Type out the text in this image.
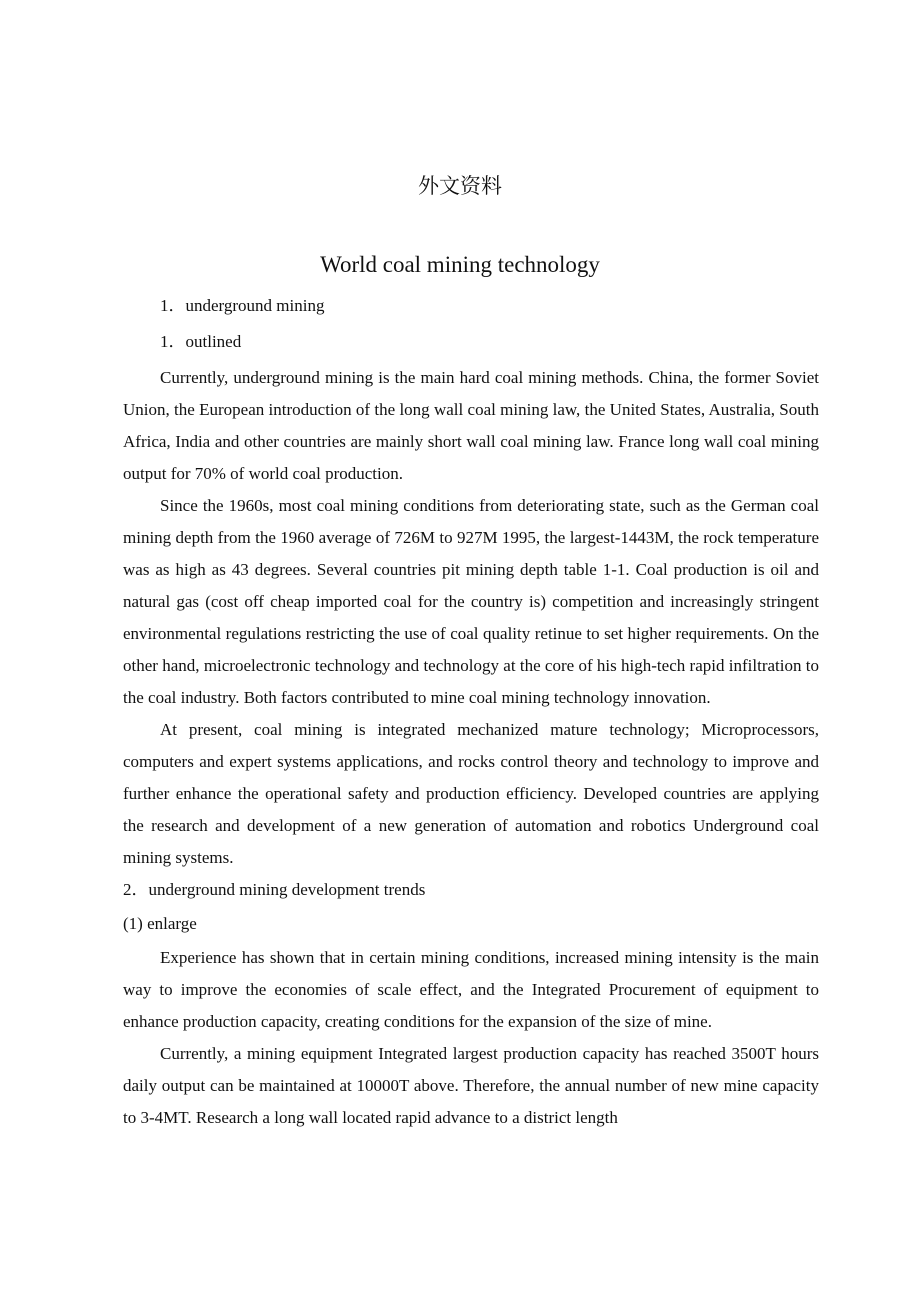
外文资料
World coal mining technology
1．underground mining
1．outlined

Currently, underground mining is the main hard coal mining methods. China, the former Soviet Union, the European introduction of the long wall coal mining law, the United States, Australia, South Africa, India and other countries are mainly short wall coal mining law. France long wall coal mining output for 70% of world coal production.

Since the 1960s, most coal mining conditions from deteriorating state, such as the German coal mining depth from the 1960 average of 726M to 927M 1995, the largest-1443M, the rock temperature was as high as 43 degrees. Several countries pit mining depth table 1-1. Coal production is oil and natural gas (cost off cheap imported coal for the country is) competition and increasingly stringent environmental regulations restricting the use of coal quality retinue to set higher requirements. On the other hand, microelectronic technology and technology at the core of his high-tech rapid infiltration to the coal industry. Both factors contributed to mine coal mining technology innovation.

At present, coal mining is integrated mechanized mature technology; Microprocessors, computers and expert systems applications, and rocks control theory and technology to improve and further enhance the operational safety and production efficiency. Developed countries are applying the research and development of a new generation of automation and robotics Underground coal mining systems.

2．underground mining development trends
(1) enlarge

Experience has shown that in certain mining conditions, increased mining intensity is the main way to improve the economies of scale effect, and the Integrated Procurement of equipment to enhance production capacity, creating conditions for the expansion of the size of mine.

Currently, a mining equipment Integrated largest production capacity has reached 3500T hours daily output can be maintained at 10000T above. Therefore, the annual number of new mine capacity to 3-4MT. Research a long wall located rapid advance to a district length
